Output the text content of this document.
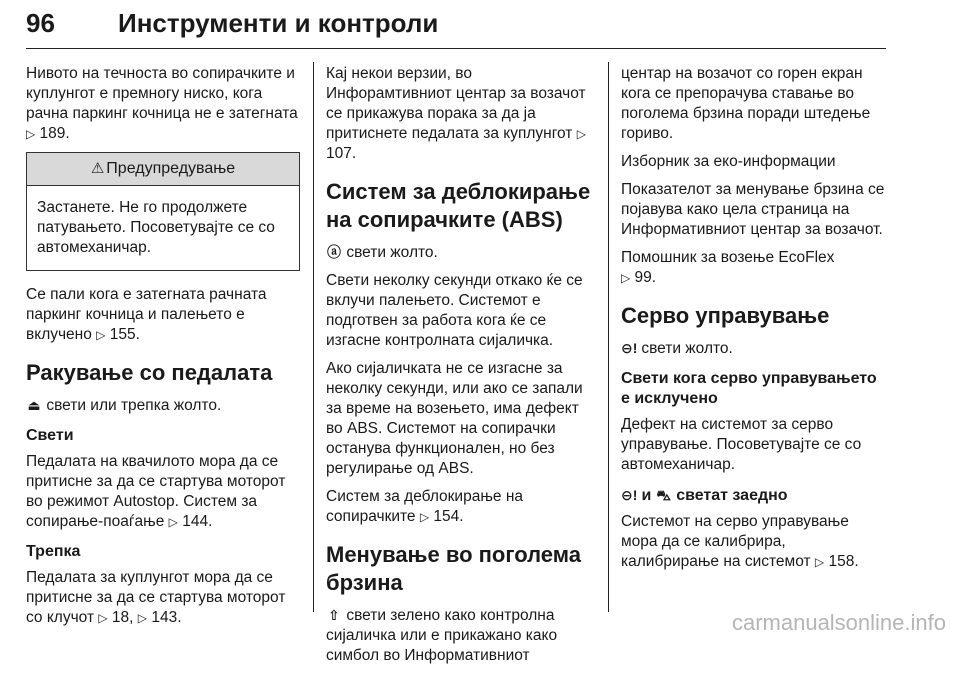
96 Инструменти и контроли

Нивото на течноста во сопирачките и куплунгот е премногу ниско, кога рачна паркинг кочница не е затегната ▷ 189.

⚠ Предупредување
Застанете. Не го продолжете патувањето. Посоветувајте се со автомеханичар.

Се пали кога е затегната рачната паркинг кочница и палењето е вклучено ▷ 155.

Ракување со педалата

⏏ свети или трепка жолто.

Свети

Педалата на квачилото мора да се притисне за да се стартува моторот во режимот Autostop. Систем за сопирање-поаѓање ▷ 144.

Трепка

Педалата за куплунгот мора да се притисне за да се стартува моторот со клучот ▷ 18, ▷ 143.

Кај некои верзии, во Инфорамтивниот центар за возачот се прикажува порака за да ја притиснете педалата за куплунгот ▷ 107.

Систем за деблокирање на сопирачките (ABS)

ⓐ свети жолто.

Свети неколку секунди откако ќе се вклучи палењето. Системот е подготвен за работа кога ќе се изгасне контролната сијаличка.

Ако сијаличката не се изгасне за неколку секунди, или ако се запали за време на возењето, има дефект во ABS. Системот на сопирачки останува функционален, но без регулирање од ABS.

Систем за деблокирање на сопирачките ▷ 154.

Менување во поголема брзина

⇧ свети зелено како контролна сијаличка или е прикажано како симбол во Информативниот

центар на возачот со горен екран кога се препорачува ставање во поголема брзина поради штедење гориво.

Изборник за еко-информации

Показателот за менување брзина се појавува како цела страница на Информативниот центар за возачот.

Помошник за возење EcoFlex
▷ 99.

Серво управување

⊖! свети жолто.

Свети кога серво управувањето е исклучено

Дефект на системот за серво управување. Посоветувајте се со автомеханичар.

⊖! и ⛍ светат заедно

Системот на серво управување мора да се калибрира, калибрирање на системот ▷ 158.

carmanualsonline.info
